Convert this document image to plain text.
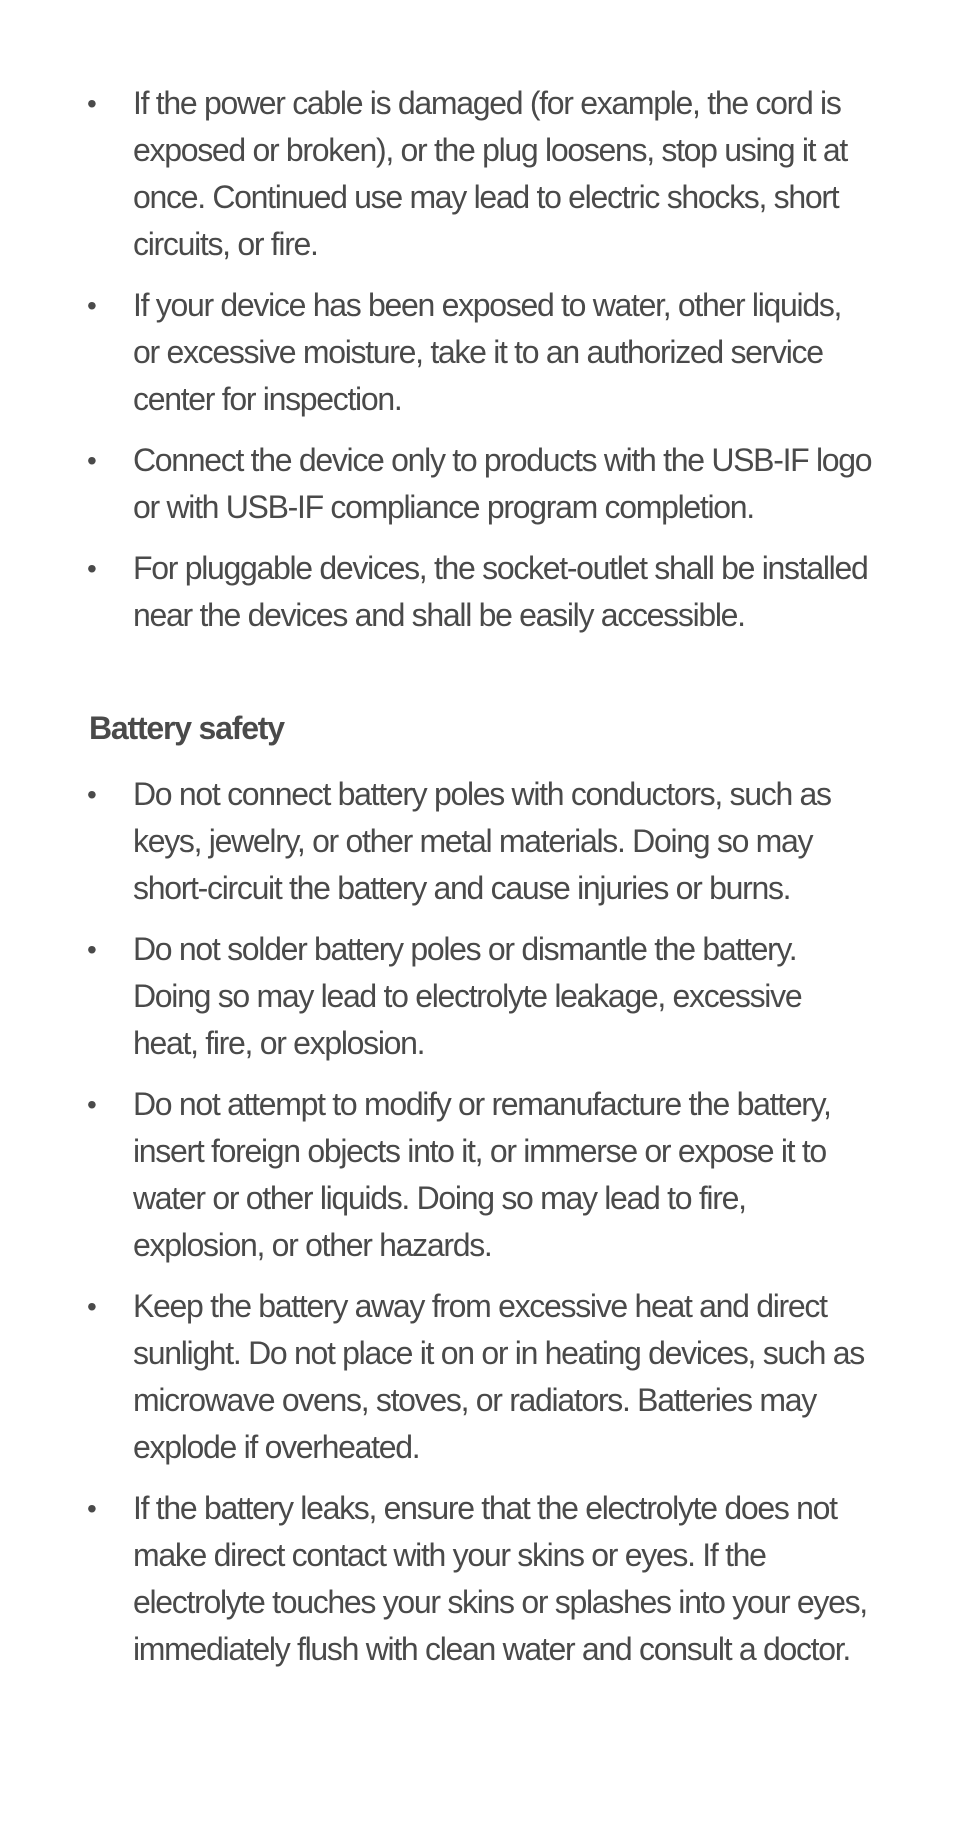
• If the power cable is damaged (for example, the cord is exposed or broken), or the plug loosens, stop using it at once. Continued use may lead to electric shocks, short circuits, or fire.
• If your device has been exposed to water, other liquids, or excessive moisture, take it to an authorized service center for inspection.
• Connect the device only to products with the USB-IF logo or with USB-IF compliance program completion.
• For pluggable devices, the socket-outlet shall be installed near the devices and shall be easily accessible.
Battery safety
• Do not connect battery poles with conductors, such as keys, jewelry, or other metal materials. Doing so may short-circuit the battery and cause injuries or burns.
• Do not solder battery poles or dismantle the battery. Doing so may lead to electrolyte leakage, excessive heat, fire, or explosion.
• Do not attempt to modify or remanufacture the battery, insert foreign objects into it, or immerse or expose it to water or other liquids. Doing so may lead to fire, explosion, or other hazards.
• Keep the battery away from excessive heat and direct sunlight. Do not place it on or in heating devices, such as microwave ovens, stoves, or radiators. Batteries may explode if overheated.
• If the battery leaks, ensure that the electrolyte does not make direct contact with your skins or eyes. If the electrolyte touches your skins or splashes into your eyes, immediately flush with clean water and consult a doctor.
